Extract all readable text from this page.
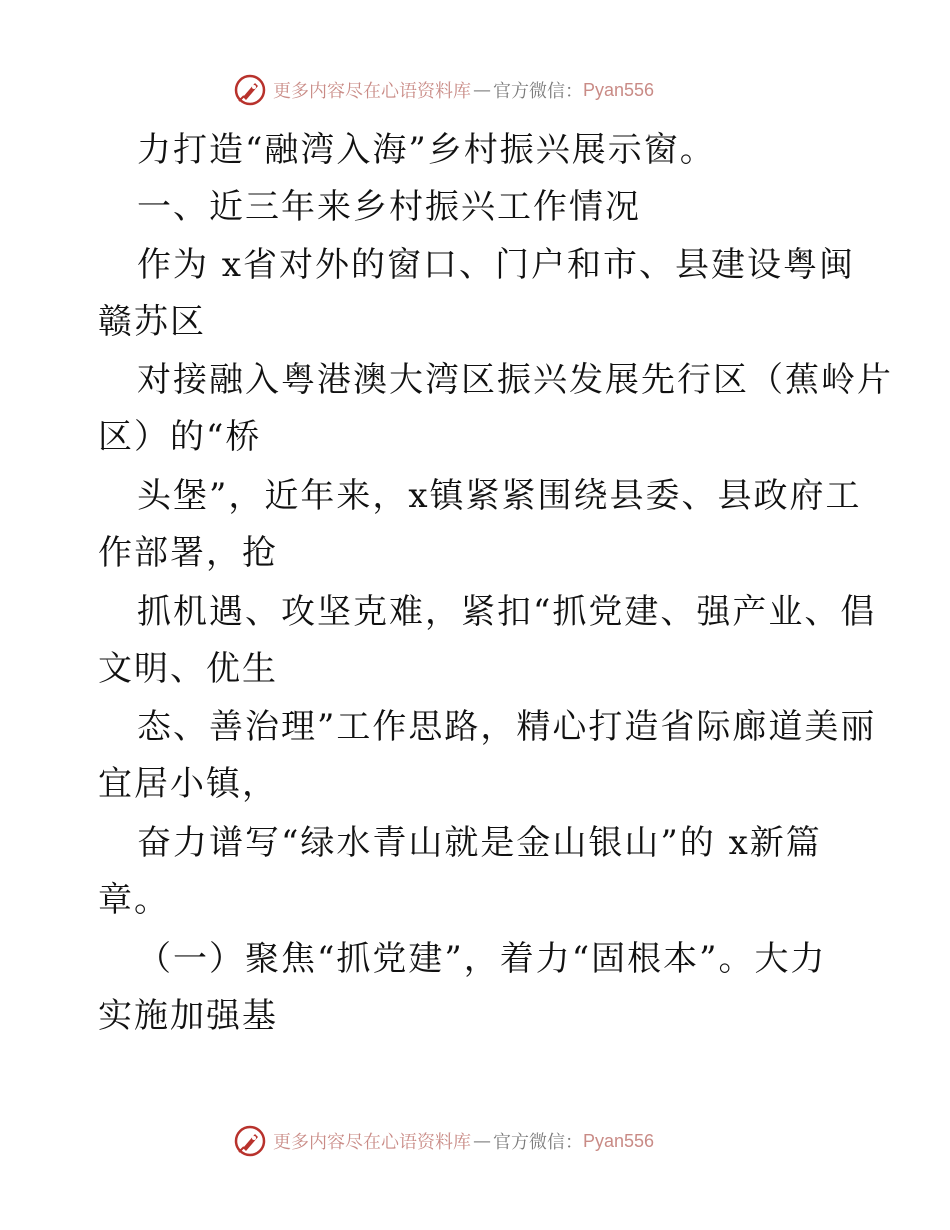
更多内容尽在心语资料库 — 官方微信： Pyan556
力打造“融湾入海”乡村振兴展示窗。
一、近三年来乡村振兴工作情况
作为 x省对外的窗口、门户和市、县建设粤闽
赣苏区
对接融入粤港澳大湾区振兴发展先行区（蕉岭片
区）的“桥
头堡”，近年来，x镇紧紧围绕县委、县政府工
作部署，抢
抓机遇、攻坚克难，紧扣“抓党建、强产业、倡
文明、优生
态、善治理”工作思路，精心打造省际廊道美丽
宜居小镇，
奋力谱写“绿水青山就是金山银山”的 x新篇
章。
（一）聚焦“抓党建”，着力“固根本”。大力
实施加强基
更多内容尽在心语资料库 — 官方微信： Pyan556
